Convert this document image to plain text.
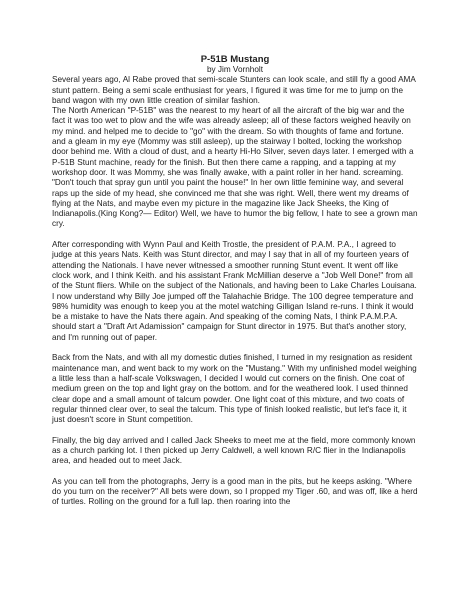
P-51B Mustang

by Jim Vornholt

Several years ago, Al Rabe proved that semi-scale Stunters can look scale, and still fly a good AMA stunt pattern. Being a semi scale enthusiast for years, I figured it was time for me to jump on the band wagon with my own little creation of similar fashion.
The North American "P-51B" was the nearest to my heart of all the aircraft of the big war and the fact it was too wet to plow and the wife was already asleep; all of these factors weighed heavily on my mind. and helped me to decide to "go" with the dream. So with thoughts of fame and fortune. and a gleam in my eye (Mommy was still asleep), up the stairway I bolted, locking the workshop door behind me. With a cloud of dust, and a hearty Hi-Ho Silver, seven days later. I emerged with a P-51B Stunt machine, ready for the finish. But then there came a rapping, and a tapping at my workshop door. It was Mommy, she was finally awake, with a paint roller in her hand. screaming. "Don't touch that spray gun until you paint the house!" In her own little feminine way, and several raps up the side of my head, she convinced me that she was right. Well, there went my dreams of flying at the Nats, and maybe even my picture in the magazine like Jack Sheeks, the King of Indianapolis.(King Kong?— Editor) Well, we have to humor the big fellow, I hate to see a grown man cry.

After corresponding with Wynn Paul and Keith Trostle, the president of P.A.M. P.A., I agreed to judge at this years Nats. Keith was Stunt director, and may I say that in all of my fourteen years of attending the Nationals. I have never witnessed a smoother running Stunt event. It went off like clock work, and I think Keith. and his assistant Frank McMillian deserve a "Job Well Done!" from all of the Stunt fliers. While on the subject of the Nationals, and having been to Lake Charles Louisana. I now understand why Billy Joe jumped off the Talahachie Bridge. The 100 degree temperature and 98% humidity was enough to keep you at the motel watching Gilligan Island re-runs. I think it would be a mistake to have the Nats there again. And speaking of the coming Nats, I think P.A.M.P.A. should start a "Draft Art Adamission" campaign for Stunt director in 1975. But that's another story, and I'm running out of paper.

Back from the Nats, and with all my domestic duties finished, I turned in my resignation as resident maintenance man, and went back to my work on the "Mustang." With my unfinished model weighing a little less than a half-scale Volkswagen, I decided I would cut corners on the finish. One coat of medium green on the top and light gray on the bottom. and for the weathered look. I used thinned clear dope and a small amount of talcum powder. One light coat of this mixture, and two coats of regular thinned clear over, to seal the talcum. This type of finish looked realistic, but let's face it, it just doesn't score in Stunt competition.

Finally, the big day arrived and I called Jack Sheeks to meet me at the field, more commonly known as a church parking lot. I then picked up Jerry Caldwell, a well known R/C flier in the Indianapolis area, and headed out to meet Jack.

As you can tell from the photographs, Jerry is a good man in the pits, but he keeps asking. "Where do you turn on the receiver?" All bets were down, so I propped my Tiger .60, and was off, like a herd of turtles. Rolling on the ground for a full lap. then roaring into the
